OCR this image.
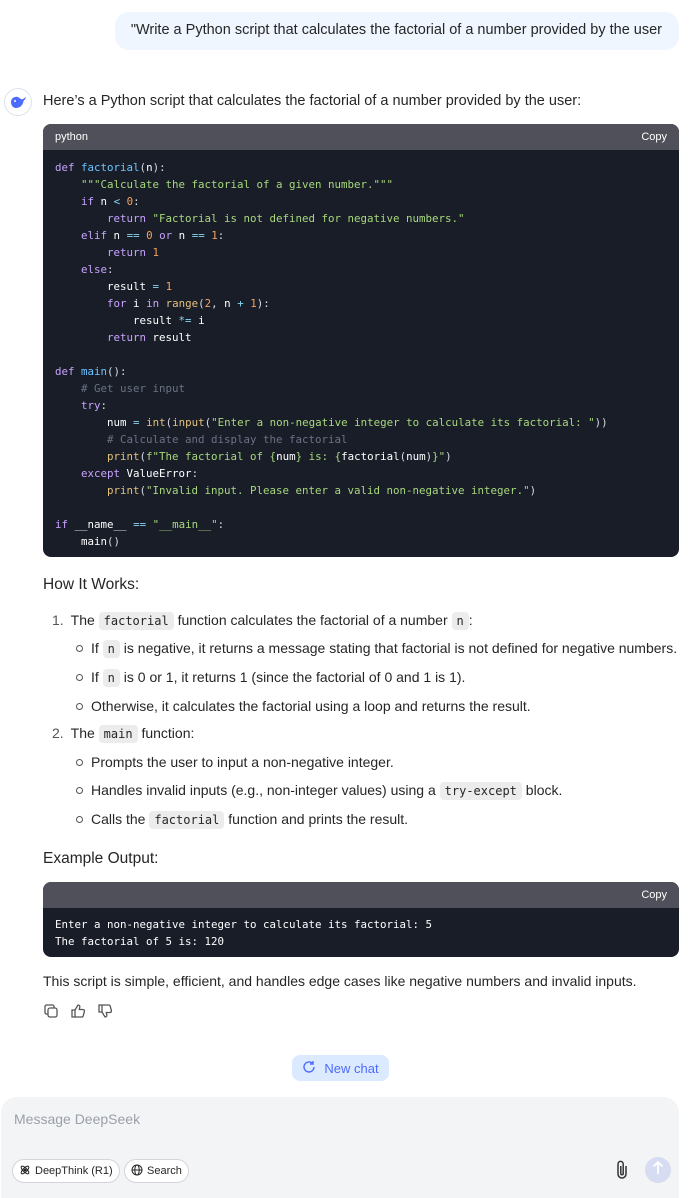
"Write a Python script that calculates the factorial of a number provided by the user
Here’s a Python script that calculates the factorial of a number provided by the user:
python	Copy
def factorial(n):
"""Calculate the factorial of a given number."""
if n < 0:
return "Factorial is not defined for negative numbers."
elif n == 0 or n == 1:
return 1
else:
result = 1
for i in range(2, n + 1):
result *= i
return result

def main():
# Get user input
try:
num = int(input("Enter a non-negative integer to calculate its factorial: "))
# Calculate and display the factorial
print(f"The factorial of {num} is: {factorial(num)}")
except ValueError:
print("Invalid input. Please enter a valid non-negative integer.")

if __name__ == "__main__":
main()
How It Works:
1. The factorial function calculates the factorial of a number n :
If n is negative, it returns a message stating that factorial is not defined for negative numbers.
If n is 0 or 1, it returns 1 (since the factorial of 0 and 1 is 1).
Otherwise, it calculates the factorial using a loop and returns the result.
2. The main function:
Prompts the user to input a non-negative integer.
Handles invalid inputs (e.g., non-integer values) using a try-except block.
Calls the factorial function and prints the result.
Example Output:
Copy
Enter a non-negative integer to calculate its factorial: 5
The factorial of 5 is: 120
This script is simple, efficient, and handles edge cases like negative numbers and invalid inputs.
New chat
Message DeepSeek
DeepThink (R1)	Search
